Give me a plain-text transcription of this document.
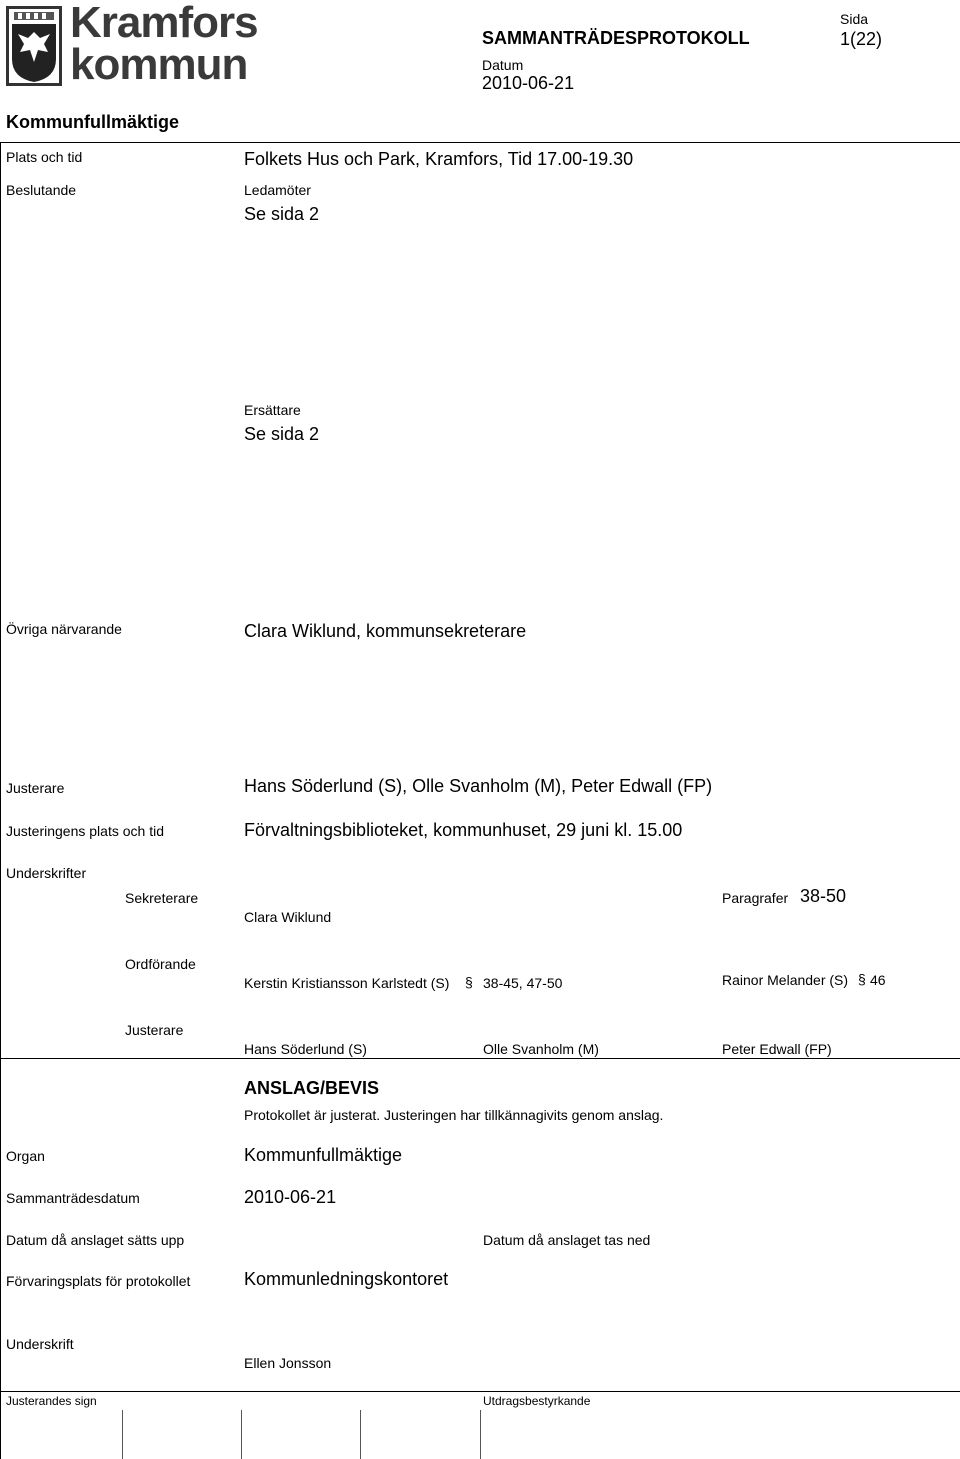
Kramfors
kommun
SAMMANTRÄDESPROTOKOLL
Sida
1(22)
Datum
2010-06-21
Kommunfullmäktige
Plats och tid	Folkets Hus och Park, Kramfors, Tid 17.00-19.30
Beslutande	Ledamöter
Se sida 2
Ersättare
Se sida 2
Övriga närvarande	Clara Wiklund, kommunsekreterare
Justerare	Hans Söderlund (S), Olle Svanholm (M), Peter Edwall (FP)
Justeringens plats och tid	Förvaltningsbiblioteket, kommunhuset, 29 juni kl. 15.00
Underskrifter
Sekreterare
Clara Wiklund
Paragrafer 38-50
Ordförande
Kerstin Kristiansson Karlstedt (S) § 38-45, 47-50	Rainor Melander (S) § 46
Justerare
Hans Söderlund (S)	Olle Svanholm (M)	Peter Edwall (FP)
ANSLAG/BEVIS
Protokollet är justerat. Justeringen har tillkännagivits genom anslag.
Organ	Kommunfullmäktige
Sammanträdesdatum	2010-06-21
Datum då anslaget sätts upp	Datum då anslaget tas ned
Förvaringsplats för protokollet	Kommunledningskontoret
Underskrift
Ellen Jonsson
Justerandes sign	Utdragsbestyrkande
